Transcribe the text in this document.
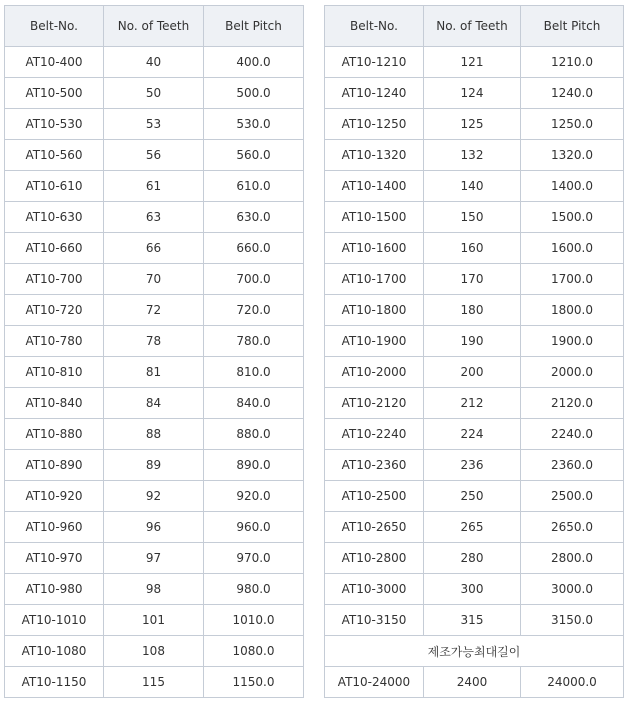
Belt-No.	No. of Teeth	Belt Pitch
AT10-400	40	400.0
AT10-500	50	500.0
AT10-530	53	530.0
AT10-560	56	560.0
AT10-610	61	610.0
AT10-630	63	630.0
AT10-660	66	660.0
AT10-700	70	700.0
AT10-720	72	720.0
AT10-780	78	780.0
AT10-810	81	810.0
AT10-840	84	840.0
AT10-880	88	880.0
AT10-890	89	890.0
AT10-920	92	920.0
AT10-960	96	960.0
AT10-970	97	970.0
AT10-980	98	980.0
AT10-1010	101	1010.0
AT10-1080	108	1080.0
AT10-1150	115	1150.0
Belt-No.	No. of Teeth	Belt Pitch
AT10-1210	121	1210.0
AT10-1240	124	1240.0
AT10-1250	125	1250.0
AT10-1320	132	1320.0
AT10-1400	140	1400.0
AT10-1500	150	1500.0
AT10-1600	160	1600.0
AT10-1700	170	1700.0
AT10-1800	180	1800.0
AT10-1900	190	1900.0
AT10-2000	200	2000.0
AT10-2120	212	2120.0
AT10-2240	224	2240.0
AT10-2360	236	2360.0
AT10-2500	250	2500.0
AT10-2650	265	2650.0
AT10-2800	280	2800.0
AT10-3000	300	3000.0
AT10-3150	315	3150.0
제조가능최대길이		
AT10-24000	2400	24000.0
